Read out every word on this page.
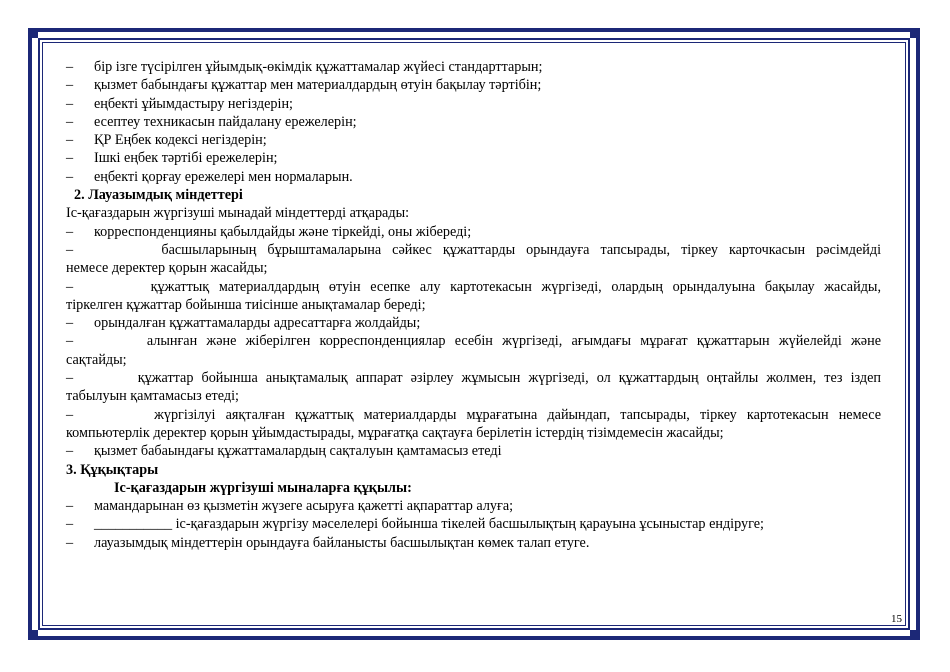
–	бір ізге түсірілген ұйымдық-өкімдік құжаттамалар жүйесі стандарттарын;
–	қызмет бабындағы құжаттар мен материалдардың өтуін бақылау тәртібін;
–	еңбекті ұйымдастыру негіздерін;
–	есептеу техникасын пайдалану ережелерін;
–	ҚР Еңбек кодексі негіздерін;
–	Ішкі еңбек тәртібі ережелерін;
–	еңбекті қорғау ережелері мен нормаларын.
2. Лауазымдық міндеттері
Іс-қағаздарын жүргізуші мынадай міндеттерді атқарады:
–	корреспонденцияны қабылдайды және тіркейді, оны жібереді;
–	басшыларының бұрыштамаларына сәйкес құжаттарды орындауға тапсырады, тіркеу карточкасын рәсімдейді
немесе деректер қорын жасайды;
–	құжаттық материалдардың өтуін есепке алу картотекасын жүргізеді, олардың орындалуына бақылау жасайды,
тіркелген құжаттар бойынша тиісінше анықтамалар береді;
–	орындалған құжаттамаларды адресаттарға жолдайды;
–	алынған және жіберілген корреспонденциялар есебін жүргізеді, ағымдағы мұрағат құжаттарын жүйелейді және
сақтайды;
–	құжаттар бойынша анықтамалық аппарат әзірлеу жұмысын жүргізеді, ол құжаттардың оңтайлы жолмен, тез іздеп
табылуын қамтамасыз етеді;
–	жүргізілуі аяқталған құжаттық материалдарды мұрағатына дайындап, тапсырады, тіркеу картотекасын немесе
компьютерлік деректер қорын ұйымдастырады, мұрағатқа сақтауға берілетін істердің тізімдемесін жасайды;
–	қызмет бабаындағы құжаттамалардың сақталуын қамтамасыз етеді
3. Құқықтары
Іс-қағаздарын жүргізуші мыналарға құқылы:
–	мамандарынан өз қызметін жүзеге асыруға қажетті ақпараттар алуға;
–	___________ іс-қағаздарын жүргізу мәселелері бойынша тікелей басшылықтың қарауына ұсыныстар ендіруге;
–	лауазымдық міндеттерін орындауға байланысты басшылықтан көмек талап етуге.
15
